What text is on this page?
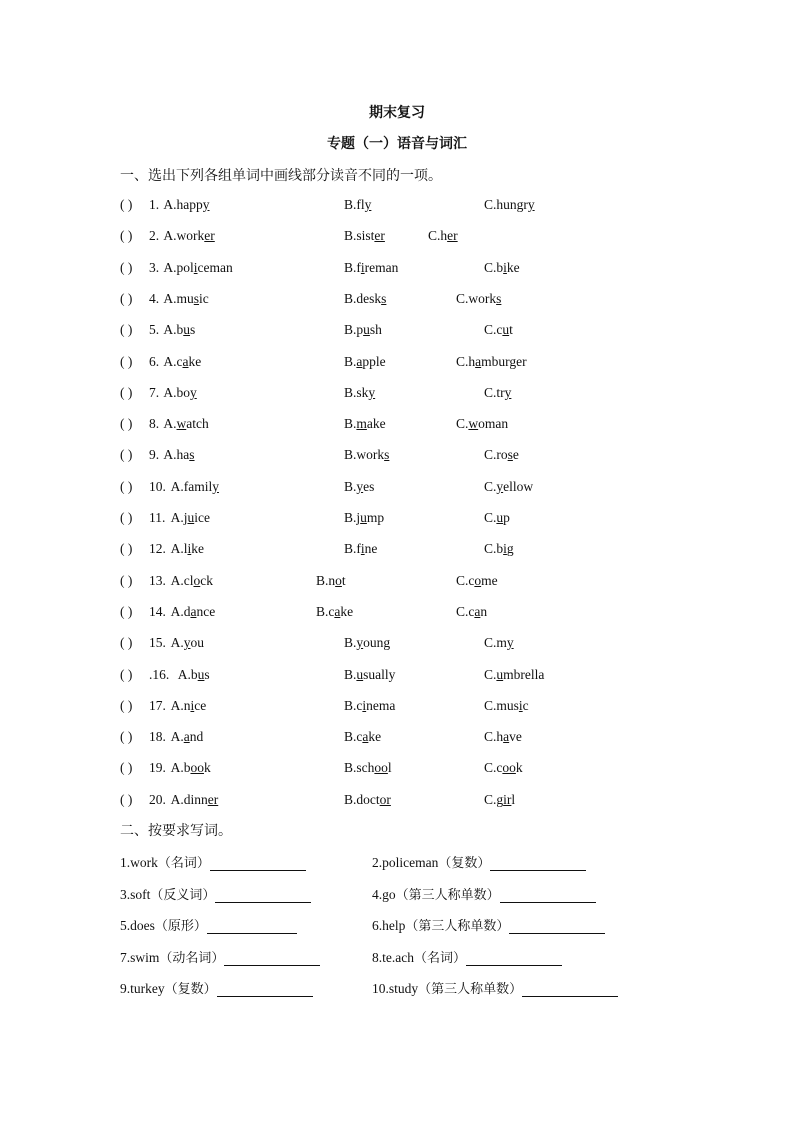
期末复习
专题（一）语音与词汇
一、选出下列各组单词中画线部分读音不同的一项。
( ) 1. A.happy	B.fly	C.hungry
( ) 2. A.worker	B.sister	C.her
( ) 3. A.policeman	B.fireman	C.bike
( ) 4. A.music	B.desks	C.works
( ) 5. A.bus	B.push	C.cut
( ) 6. A.cake	B.apple	C.hamburger
( ) 7. A.boy	B.sky	C.try
( ) 8. A.watch	B.make	C.woman
( ) 9. A.has	B.works	C.rose
( ) 10. A.family	B.yes	C.yellow
( ) 11. A.juice	B.jump	C.up
( ) 12. A.like	B.fine	C.big
( ) 13. A.clock	B.not	C.come
( ) 14. A.dance	B.cake	C.can
( ) 15. A.you	B.young	C.my
( ) .16. A.bus	B.usually	C.umbrella
( ) 17. A.nice	B.cinema	C.music
( ) 18. A.and	B.cake	C.have
( ) 19. A.book	B.school	C.cook
( ) 20. A.dinner	B.doctor	C.girl
二、按要求写词。
1.work（名词）	2.policeman（复数）
3.soft（反义词）	4.go（第三人称单数）
5.does（原形）	6.help（第三人称单数）
7.swim（动名词）	8.te.ach（名词）
9.turkey（复数）	10.study（第三人称单数）
